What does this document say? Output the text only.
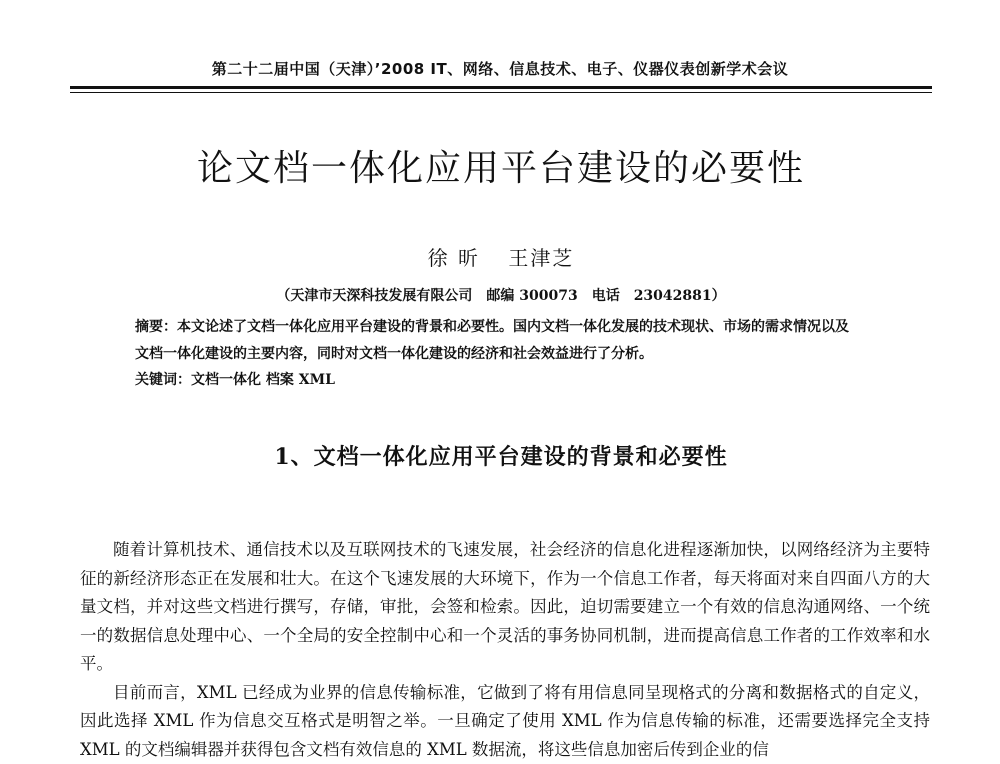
第二十二届中国（天津）’2008 IT、网络、信息技术、电子、仪器仪表创新学术会议
论文档一体化应用平台建设的必要性
徐 昕 王津芝
（天津市天深科技发展有限公司　邮编 300073　电话　23042881）
摘要：本文论述了文档一体化应用平台建设的背景和必要性。国内文档一体化发展的技术现状、市场的需求情况以及文档一体化建设的主要内容，同时对文档一体化建设的经济和社会效益进行了分析。
关键词：文档一体化 档案 XML
1、文档一体化应用平台建设的背景和必要性

随着计算机技术、通信技术以及互联网技术的飞速发展，社会经济的信息化进程逐渐加快，以网络经济为主要特征的新经济形态正在发展和壮大。在这个飞速发展的大环境下，作为一个信息工作者，每天将面对来自四面八方的大量文档，并对这些文档进行撰写，存储，审批，会签和检索。因此，迫切需要建立一个有效的信息沟通网络、一个统一的数据信息处理中心、一个全局的安全控制中心和一个灵活的事务协同机制，进而提高信息工作者的工作效率和水平。

目前而言，XML 已经成为业界的信息传输标准，它做到了将有用信息同呈现格式的分离和数据格式的自定义，因此选择 XML 作为信息交互格式是明智之举。一旦确定了使用 XML 作为信息传输的标准，还需要选择完全支持 XML 的文档编辑器并获得包含文档有效信息的 XML 数据流，将这些信息加密后传到企业的信
